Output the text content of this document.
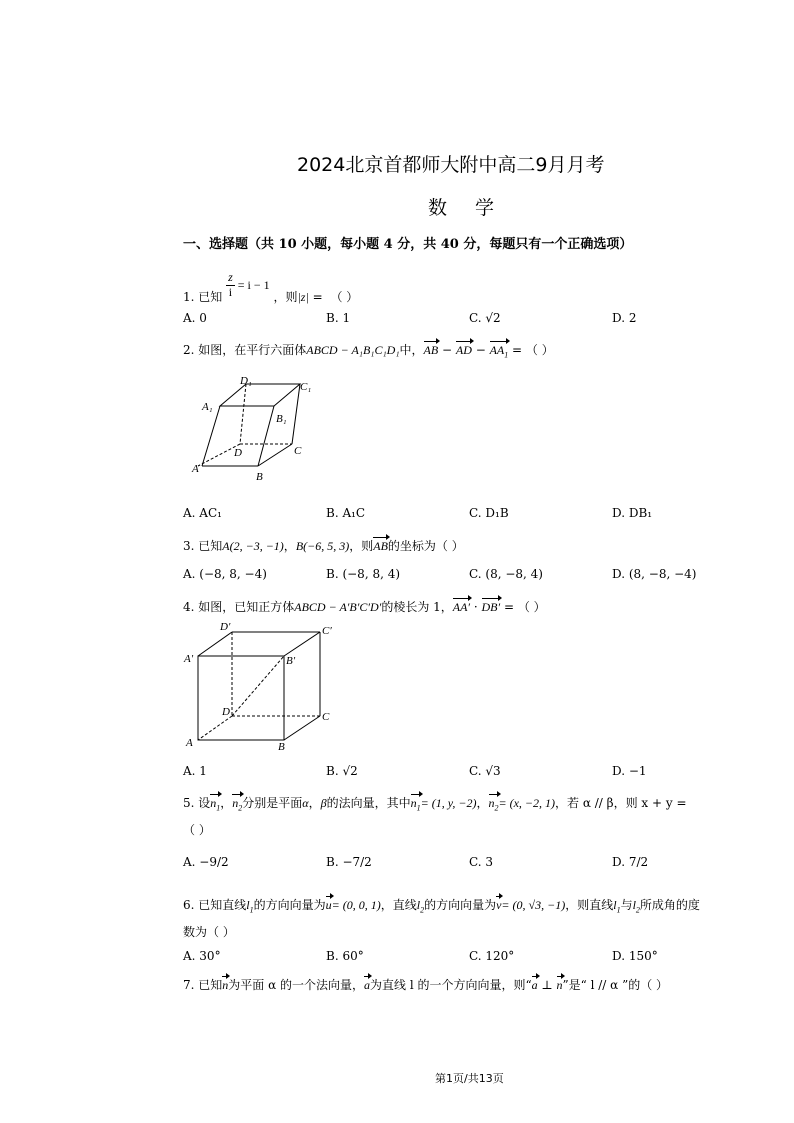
2024北京首都师大附中高二9月月考
数 学
一、选择题（共 10 小题，每小题 4 分，共 40 分，每题只有一个正确选项）
1. 已知 $\frac{z}{i} = i - 1$ ，则|z| = （ ）
A. 0	B. 1	C. √2	D. 2
2. 如图，在平行六面体ABCD − A₁B₁C₁D₁中，AB − AD − $AA_1$ = （ ）
D₁	C₁
A₁
B₁
D	C
A
B
A. AC₁	B. A₁C	C. D₁B	D. DB₁
3. 已知A(2, −3, −1)，B(−6, 5, 3)，则AB的坐标为（ ）
A. (−8, 8, −4)	B. (−8, 8, 4)	C. (8, −8, 4)	D. (8, −8, −4)
4. 如图，已知正方体ABCD − A′B′C′D′的棱长为 1，AA′ · DB′ = （ ）
D′	C′
A′	B′
D	C
A	B
A. 1	B. √2	C. √3	D. −1
5. 设$n_1$，$n_2$分别是平面α，β的法向量，其中$n_1= (1$, y, −2)，$n_2= (x$, −2, 1)，若 α // β，则 x + y =
（ ）
A. −9/2	B. −7/2	C. 3	D. 7/2
6. 已知直线$l_1$的方向向量为u= (0, 0, 1)，直线$l_2$的方向向量为v= (0, √3, −1)，则直线$l_1$与$l_2$所成角的度
数为（ ）
A. 30°	B. 60°	C. 120°	D. 150°
7. 已知n为平面 α 的一个法向量，a为直线 l 的一个方向向量，则“a ⊥ n”是“ l // α ”的（ ）
第1页/共13页
